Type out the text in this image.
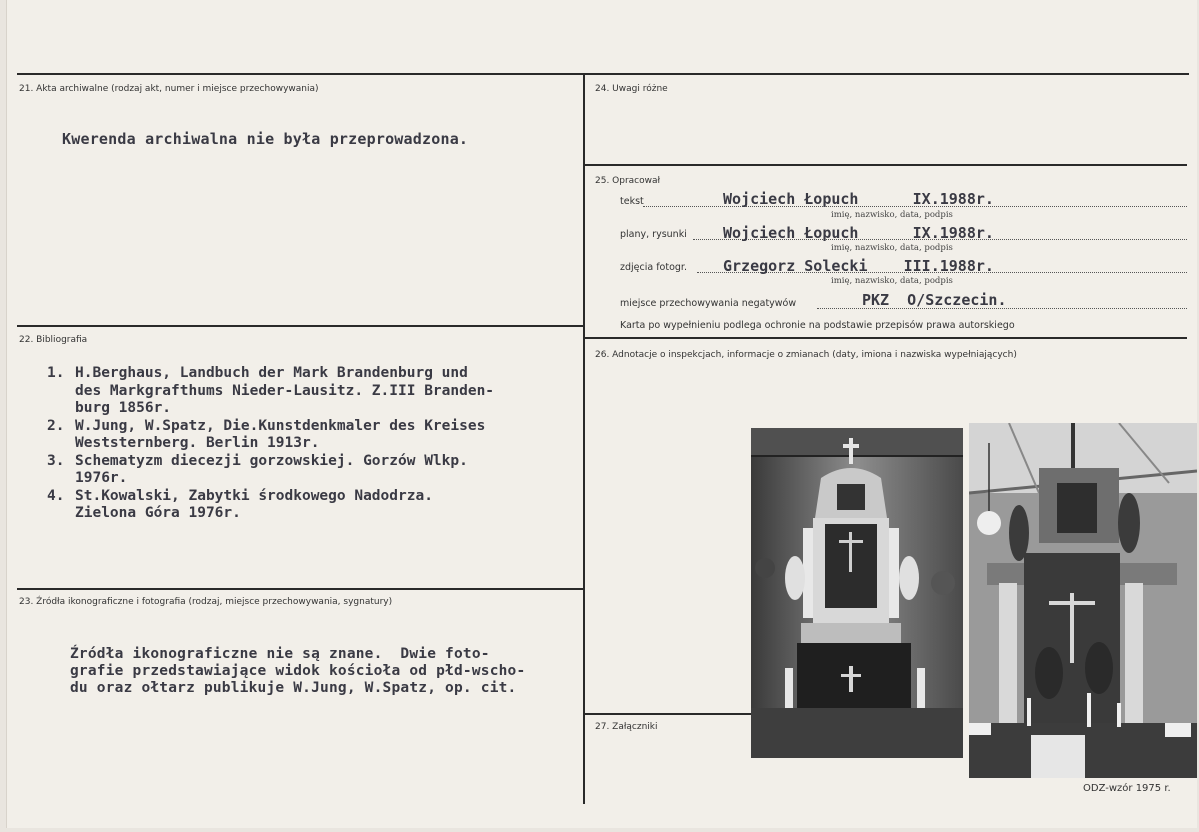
21. Akta archiwalne (rodzaj akt, numer i miejsce przechowywania)
Kwerenda archiwalna nie była przeprowadzona.
22. Bibliografia
1. H.Berghaus, Landbuch der Mark Brandenburg und
des Markgrafthums Nieder-Lausitz. Z.III Branden-
burg 1856r.
2. W.Jung, W.Spatz, Die.Kunstdenkmaler des Kreises
Weststernberg. Berlin 1913r.
3. Schematyzm diecezji gorzowskiej. Gorzów Wlkp.
1976r.
4. St.Kowalski, Zabytki środkowego Nadodrza.
Zielona Góra 1976r.
23. Źródła ikonograficzne i fotografia (rodzaj, miejsce przechowywania, sygnatury)
Źródła ikonograficzne nie są znane.  Dwie foto-
grafie przedstawiające widok kościoła od płd-wscho-
du oraz ołtarz publikuje W.Jung, W.Spatz, op. cit.
24. Uwagi różne
25. Opracował
tekst	Wojciech Łopuch      IX.1988r.
imię, nazwisko, data, podpis
plany, rysunki Wojciech Łopuch      IX.1988r.
imię, nazwisko, data, podpis
zdjęcia fotogr. Grzegorz Solecki    III.1988r.
imię, nazwisko, data, podpis
miejsce przechowywania negatywów	PKZ  O/Szczecin.
Karta po wypełnieniu podlega ochronie na podstawie przepisów prawa autorskiego
26. Adnotacje o inspekcjach, informacje o zmianach (daty, imiona i nazwiska wypełniających)
27. Załączniki
ODZ-wzór 1975 r.
